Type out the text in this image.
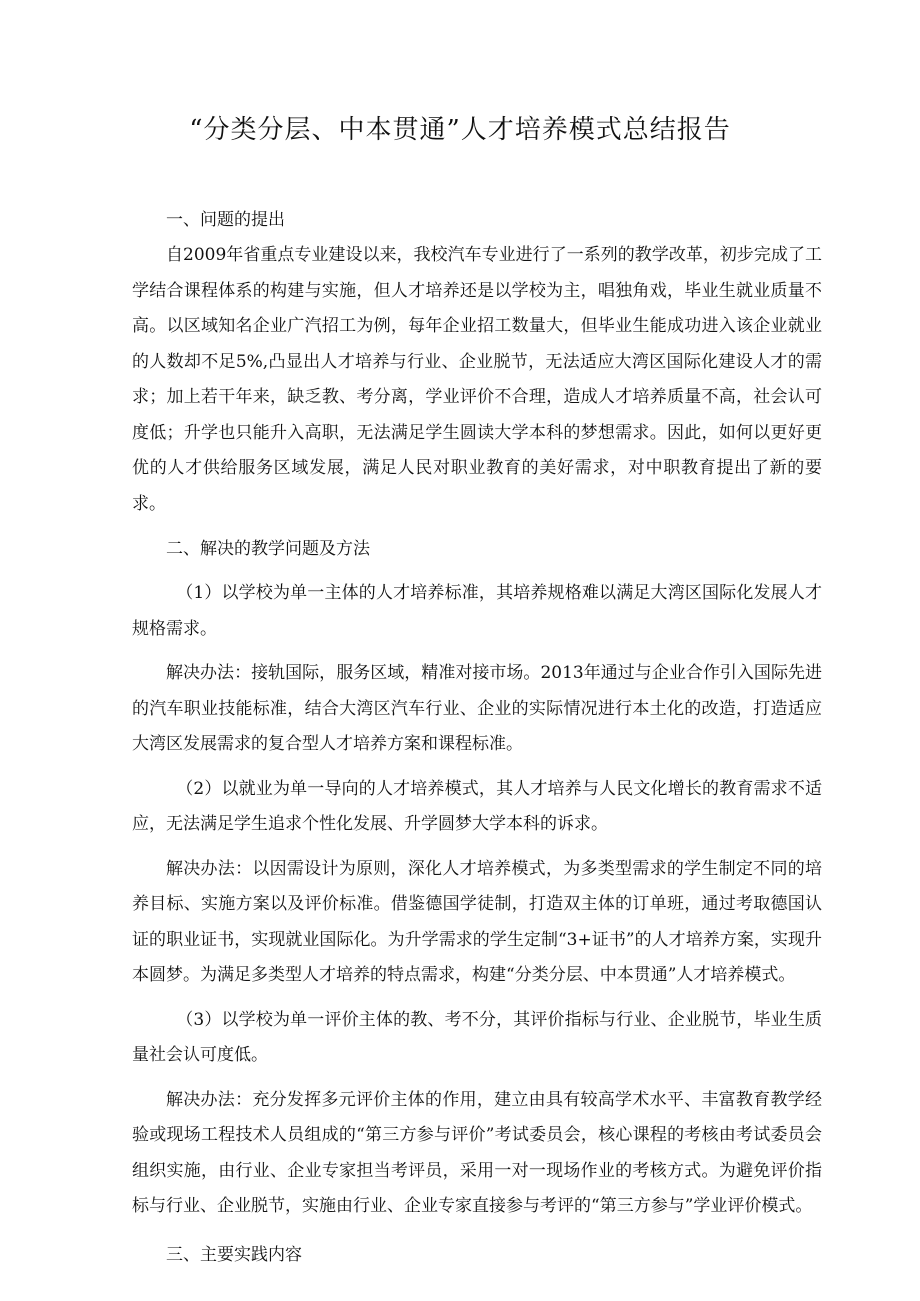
“分类分层、中本贯通”人才培养模式总结报告
一、问题的提出

自2009年省重点专业建设以来，我校汽车专业进行了一系列的教学改革，初步完成了工学结合课程体系的构建与实施，但人才培养还是以学校为主，唱独角戏，毕业生就业质量不高。以区域知名企业广汽招工为例，每年企业招工数量大，但毕业生能成功进入该企业就业的人数却不足5%,凸显出人才培养与行业、企业脱节，无法适应大湾区国际化建设人才的需求；加上若干年来，缺乏教、考分离，学业评价不合理，造成人才培养质量不高，社会认可度低；升学也只能升入高职，无法满足学生圆读大学本科的梦想需求。因此，如何以更好更优的人才供给服务区域发展，满足人民对职业教育的美好需求，对中职教育提出了新的要求。

二、解决的教学问题及方法

（1）以学校为单一主体的人才培养标准，其培养规格难以满足大湾区国际化发展人才规格需求。

解决办法：接轨国际，服务区域，精准对接市场。2013年通过与企业合作引入国际先进的汽车职业技能标准，结合大湾区汽车行业、企业的实际情况进行本土化的改造，打造适应大湾区发展需求的复合型人才培养方案和课程标准。

（2）以就业为单一导向的人才培养模式，其人才培养与人民文化增长的教育需求不适应，无法满足学生追求个性化发展、升学圆梦大学本科的诉求。

解决办法：以因需设计为原则，深化人才培养模式，为多类型需求的学生制定不同的培养目标、实施方案以及评价标准。借鉴德国学徒制，打造双主体的订单班，通过考取德国认证的职业证书，实现就业国际化。为升学需求的学生定制“3+证书”的人才培养方案，实现升本圆梦。为满足多类型人才培养的特点需求，构建“分类分层、中本贯通”人才培养模式。

（3）以学校为单一评价主体的教、考不分，其评价指标与行业、企业脱节，毕业生质量社会认可度低。

解决办法：充分发挥多元评价主体的作用，建立由具有较高学术水平、丰富教育教学经验或现场工程技术人员组成的“第三方参与评价”考试委员会，核心课程的考核由考试委员会组织实施，由行业、企业专家担当考评员，采用一对一现场作业的考核方式。为避免评价指标与行业、企业脱节，实施由行业、企业专家直接参与考评的“第三方参与”学业评价模式。

三、主要实践内容
